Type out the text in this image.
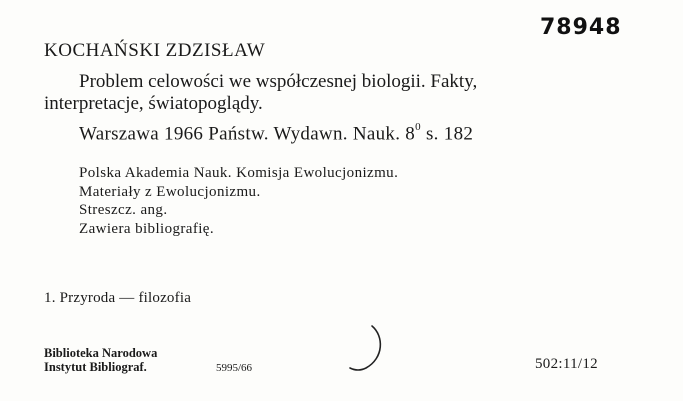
78948
KOCHAŃSKI ZDZISŁAW
Problem celowości we współczesnej biologii. Fakty,
interpretacje, światopoglądy.
Warszawa 1966 Państw. Wydawn. Nauk. $8^0$ s. 182
Polska Akademia Nauk. Komisja Ewolucjonizmu.
Materiały z Ewolucjonizmu.
Streszcz. ang.
Zawiera bibliografię.
1. Przyroda — filozofia
Biblioteka Narodowa
Instytut Bibliograf.	5995/66	502:11/12
